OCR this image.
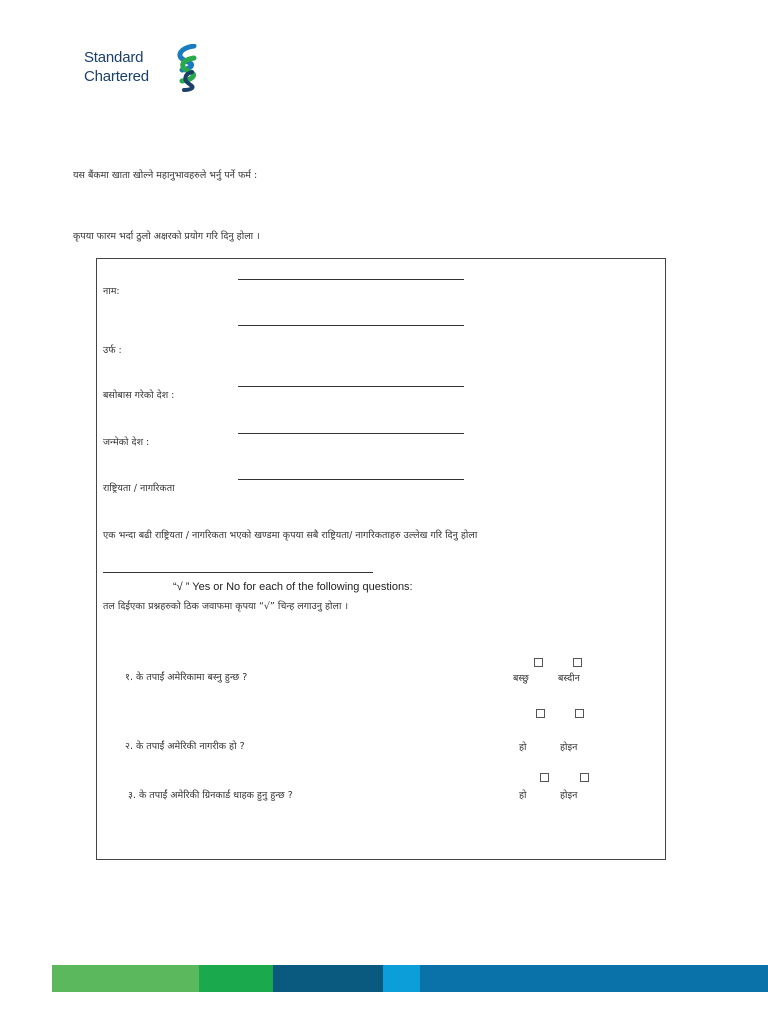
Standard
Chartered
यस बैंकमा खाता खोल्ने महानुभावहरुले भर्नु पर्ने फर्म :
कृपया फारम भर्दा ठुलो अक्षरको प्रयोग गरि दिनु होला ।
नाम:
उर्फ :
बसोबास गरेको देश :
जन्मेको देश :
राष्ट्रियता / नागरिकता
एक भन्दा बढी राष्ट्रियता / नागरिकता भएको खण्डमा कृपया सबै राष्ट्रियता/ नागरिकताहरु उल्लेख गरि दिनु होला
“√ ” Yes or No for each of the following questions:
तल दिईएका प्रश्नहरुको ठिक जवाफमा कृपया “√” चिन्ह लगाउनु होला ।
१. के तपाईं अमेरिकामा बस्नु हुन्छ ?	बस्छु	बस्दीन
२. के तपाईं अमेरिकी नागरीक हो ?	हो	होइन
३. के तपाईं अमेरिकी ग्रिनकार्ड धाहक हुनु हुन्छ ?	हो	होइन
